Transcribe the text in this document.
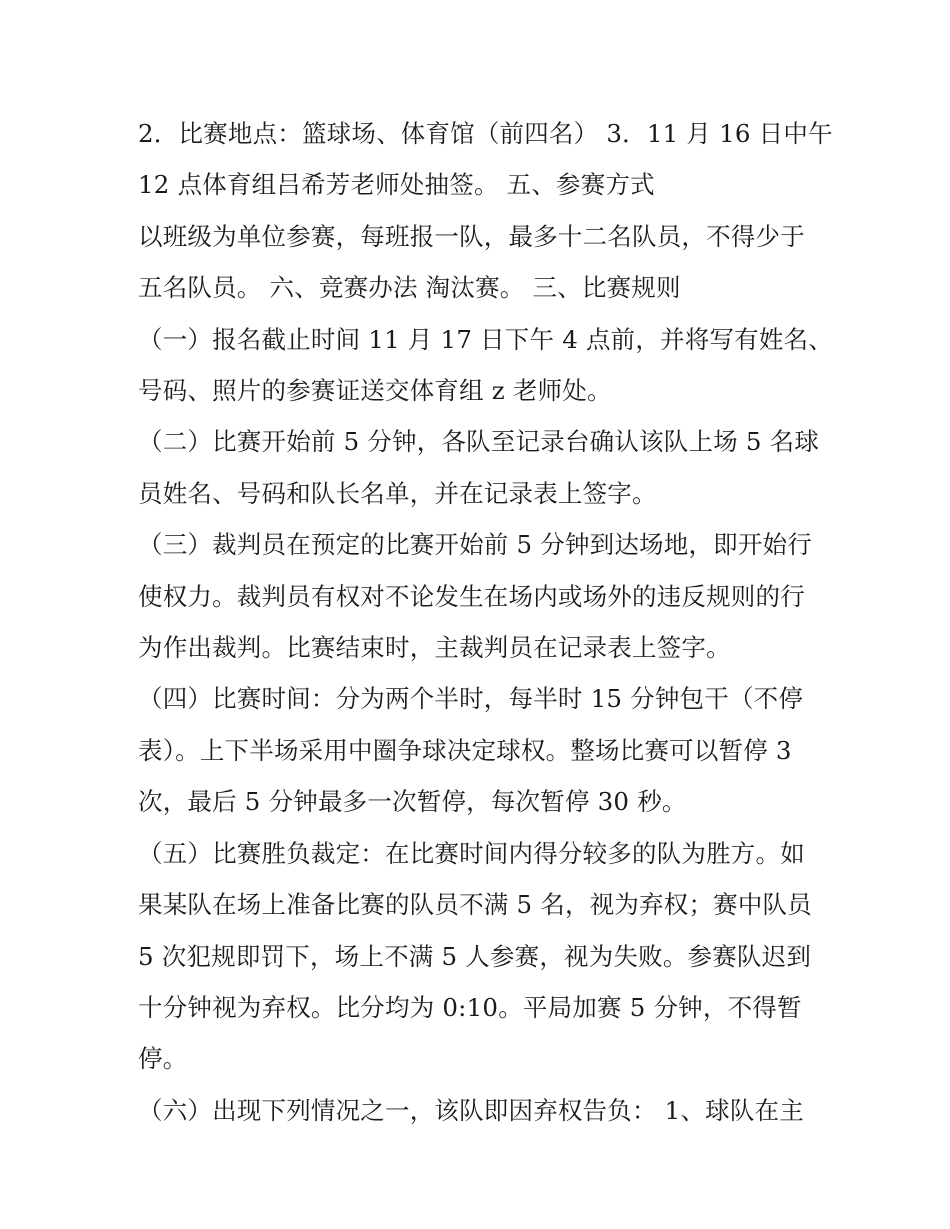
2．比赛地点：篮球场、体育馆（前四名） 3．11 月 16 日中午
12 点体育组吕希芳老师处抽签。 五、参赛方式
以班级为单位参赛，每班报一队，最多十二名队员，不得少于
五名队员。 六、竞赛办法 淘汰赛。 三、比赛规则
（一）报名截止时间 11 月 17 日下午 4 点前，并将写有姓名、
号码、照片的参赛证送交体育组 z 老师处。
（二）比赛开始前 5 分钟，各队至记录台确认该队上场 5 名球
员姓名、号码和队长名单，并在记录表上签字。
（三）裁判员在预定的比赛开始前 5 分钟到达场地，即开始行
使权力。裁判员有权对不论发生在场内或场外的违反规则的行
为作出裁判。比赛结束时，主裁判员在记录表上签字。
（四）比赛时间：分为两个半时，每半时 15 分钟包干（不停
表）。上下半场采用中圈争球决定球权。整场比赛可以暂停 3
次，最后 5 分钟最多一次暂停，每次暂停 30 秒。
（五）比赛胜负裁定：在比赛时间内得分较多的队为胜方。如
果某队在场上准备比赛的队员不满 5 名，视为弃权；赛中队员
5 次犯规即罚下，场上不满 5 人参赛，视为失败。参赛队迟到
十分钟视为弃权。比分均为 0:10。平局加赛 5 分钟，不得暂
停。
（六）出现下列情况之一，该队即因弃权告负： 1、球队在主
